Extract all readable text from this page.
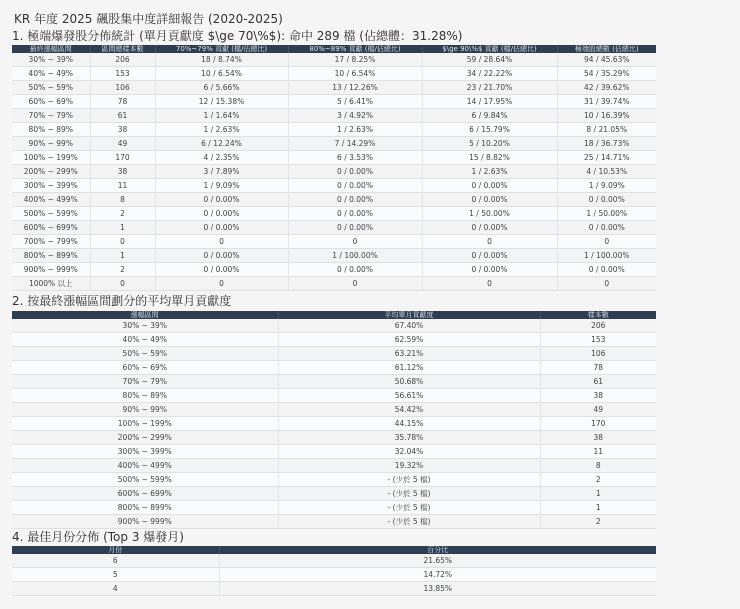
KR 年度 2025 飆股集中度詳細報告 (2020-2025)
1. 極端爆發股分佈統計 (單月貢獻度 $\ge 70\%$): 命中 289 檔 (佔總體：31.28%)
最終漲幅區間	區間總樣本數	70%~79% 貢獻 (檔/佔總比)	80%~89% 貢獻 (檔/佔總比)	$\ge 90\%$ 貢獻 (檔/佔總比)	極端股總數 (佔總比)
30% ~ 39%	206	18 / 8.74%	17 / 8.25%	59 / 28.64%	94 / 45.63%
40% ~ 49%	153	10 / 6.54%	10 / 6.54%	34 / 22.22%	54 / 35.29%
50% ~ 59%	106	6 / 5.66%	13 / 12.26%	23 / 21.70%	42 / 39.62%
60% ~ 69%	78	12 / 15.38%	5 / 6.41%	14 / 17.95%	31 / 39.74%
70% ~ 79%	61	1 / 1.64%	3 / 4.92%	6 / 9.84%	10 / 16.39%
80% ~ 89%	38	1 / 2.63%	1 / 2.63%	6 / 15.79%	8 / 21.05%
90% ~ 99%	49	6 / 12.24%	7 / 14.29%	5 / 10.20%	18 / 36.73%
100% ~ 199%	170	4 / 2.35%	6 / 3.53%	15 / 8.82%	25 / 14.71%
200% ~ 299%	38	3 / 7.89%	0 / 0.00%	1 / 2.63%	4 / 10.53%
300% ~ 399%	11	1 / 9.09%	0 / 0.00%	0 / 0.00%	1 / 9.09%
400% ~ 499%	8	0 / 0.00%	0 / 0.00%	0 / 0.00%	0 / 0.00%
500% ~ 599%	2	0 / 0.00%	0 / 0.00%	1 / 50.00%	1 / 50.00%
600% ~ 699%	1	0 / 0.00%	0 / 0.00%	0 / 0.00%	0 / 0.00%
700% ~ 799%	0	0	0	0	0
800% ~ 899%	1	0 / 0.00%	1 / 100.00%	0 / 0.00%	1 / 100.00%
900% ~ 999%	2	0 / 0.00%	0 / 0.00%	0 / 0.00%	0 / 0.00%
1000% 以上	0	0	0	0	0
2. 按最終漲幅區間劃分的平均單月貢獻度
漲幅區間	平均單月貢獻度	樣本數
30% ~ 39%	67.40%	206
40% ~ 49%	62.59%	153
50% ~ 59%	63.21%	106
60% ~ 69%	61.12%	78
70% ~ 79%	50.68%	61
80% ~ 89%	56.61%	38
90% ~ 99%	54.42%	49
100% ~ 199%	44.15%	170
200% ~ 299%	35.78%	38
300% ~ 399%	32.04%	11
400% ~ 499%	19.32%	8
500% ~ 599%	- (少於 5 檔)	2
600% ~ 699%	- (少於 5 檔)	1
800% ~ 899%	- (少於 5 檔)	1
900% ~ 999%	- (少於 5 檔)	2
4. 最佳月份分佈 (Top 3 爆發月)
月份	百分比
6	21.65%
5	14.72%
4	13.85%
